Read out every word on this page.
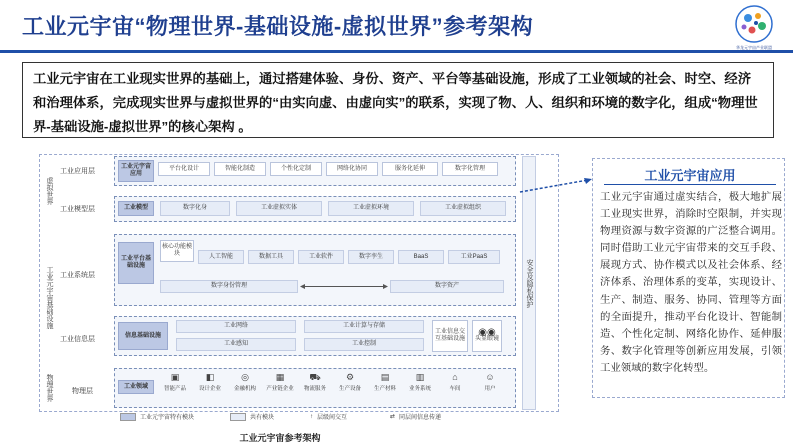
工业元宇宙“物理世界-基础设施-虚拟世界”参考架构
华龙元宇宙产业联盟
工业元宇宙在工业现实世界的基础上，通过搭建体验、身份、资产、平台等基础设施，形成了工业领域的社会、时空、经济和治理体系，完成现实世界与虚拟世界的“由实向虚、由虚向实”的联系，实现了物、人、组织和环境的数字化，组成“物理世界-基础设施-虚拟世界”的核心架构 。
虚拟世界
工业元宇宙基础设施
物理世界
安全及隐私保护
工业应用层
工业元宇宙应用
平台化设计	智能化制造	个性化定制	网络化协同	服务化延伸	数字化管理
工业模型层	工业模型	数字化身	工业虚拟实体	工业虚拟环境	工业虚拟组织
工业系统层
工业平台基础设施
核心功能模块	人工智能	数据工具	工业软件	数字孪生	BaaS	工业PaaS
数字身份管理	数字资产
工业信息层
信息基础设施
工业网络	工业计算与存储
工业感知	工业控制
工业信息交互基础设施
◉◉
头显眼镜
物理层
工业领域
▣
智能产品
◧
设计企业
◎
金融机构
▦
产业链企业
⛟
物流服务
⚙
生产设备
▤
生产材料
▥
业务系统
⌂
车间
☺
用户
工业元宇宙应用
工业元宇宙通过虚实结合，极大地扩展工业现实世界，消除时空限制，并实现物理资源与数字资源的广泛整合调用。同时借助工业元宇宙带来的交互手段、展现方式、协作模式以及社会体系、经济体系、治理体系的变革，实现设计、生产、制造、服务、协同、管理等方面的全面提升，推动平台化设计、智能制造、个性化定制、网络化协作、延伸服务、数字化管理等创新应用发展，引领工业领域的数字化转型。
工业元宇宙特有模块	共有模块	↑ 层级间交互	⇄ 同层间信息传递
工业元宇宙参考架构
